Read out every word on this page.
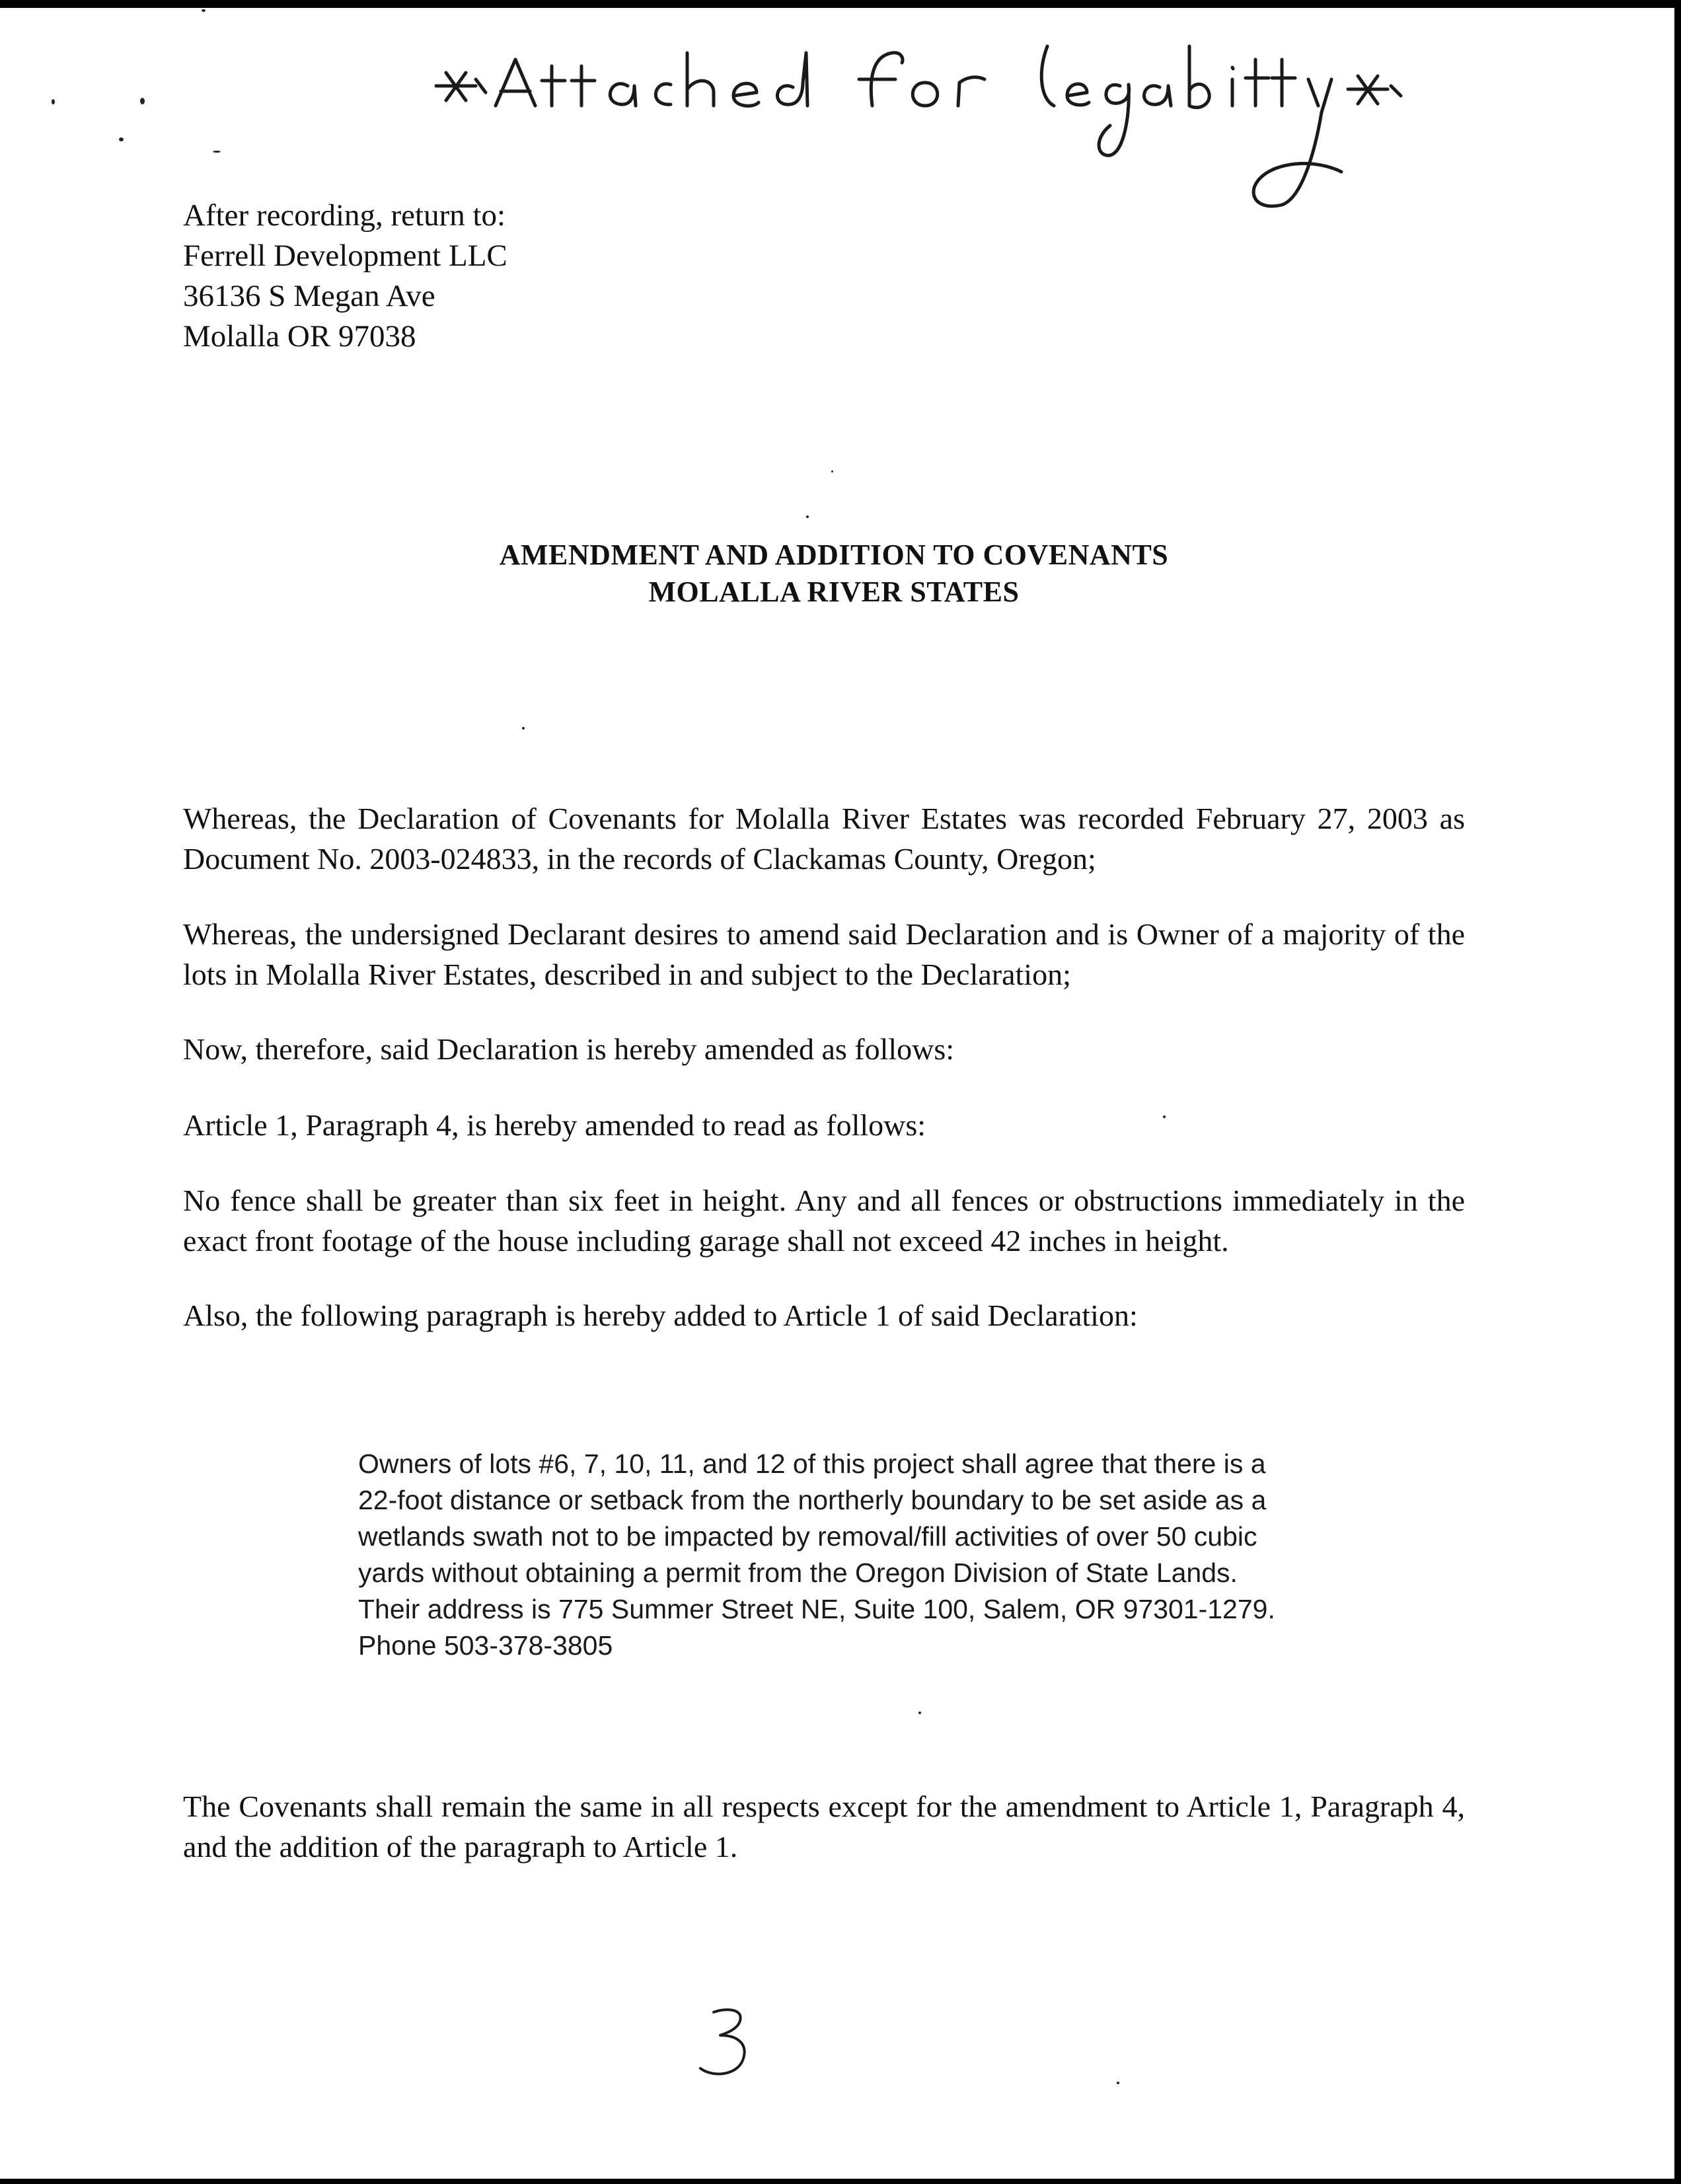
After recording, return to:
Ferrell Development LLC
36136 S Megan Ave
Molalla OR 97038
AMENDMENT AND ADDITION TO COVENANTS
MOLALLA RIVER STATES
Whereas, the Declaration of Covenants for Molalla River Estates was recorded February 27, 2003 as Document No. 2003-024833, in the records of Clackamas County, Oregon;
Whereas, the undersigned Declarant desires to amend said Declaration and is Owner of a majority of the lots in Molalla River Estates, described in and subject to the Declaration;
Now, therefore, said Declaration is hereby amended as follows:
Article 1, Paragraph 4, is hereby amended to read as follows:
No fence shall be greater than six feet in height. Any and all fences or obstructions immediately in the exact front footage of the house including garage shall not exceed 42 inches in height.
Also, the following paragraph is hereby added to Article 1 of said Declaration:
Owners of lots #6, 7, 10, 11, and 12 of this project shall agree that there is a
22-foot distance or setback from the northerly boundary to be set aside as a
wetlands swath not to be impacted by removal/fill activities of over 50 cubic
yards without obtaining a permit from the Oregon Division of State Lands.
Their address is 775 Summer Street NE, Suite 100, Salem, OR 97301-1279.
Phone 503-378-3805
The Covenants shall remain the same in all respects except for the amendment to Article 1, Paragraph 4, and the addition of the paragraph to Article 1.
